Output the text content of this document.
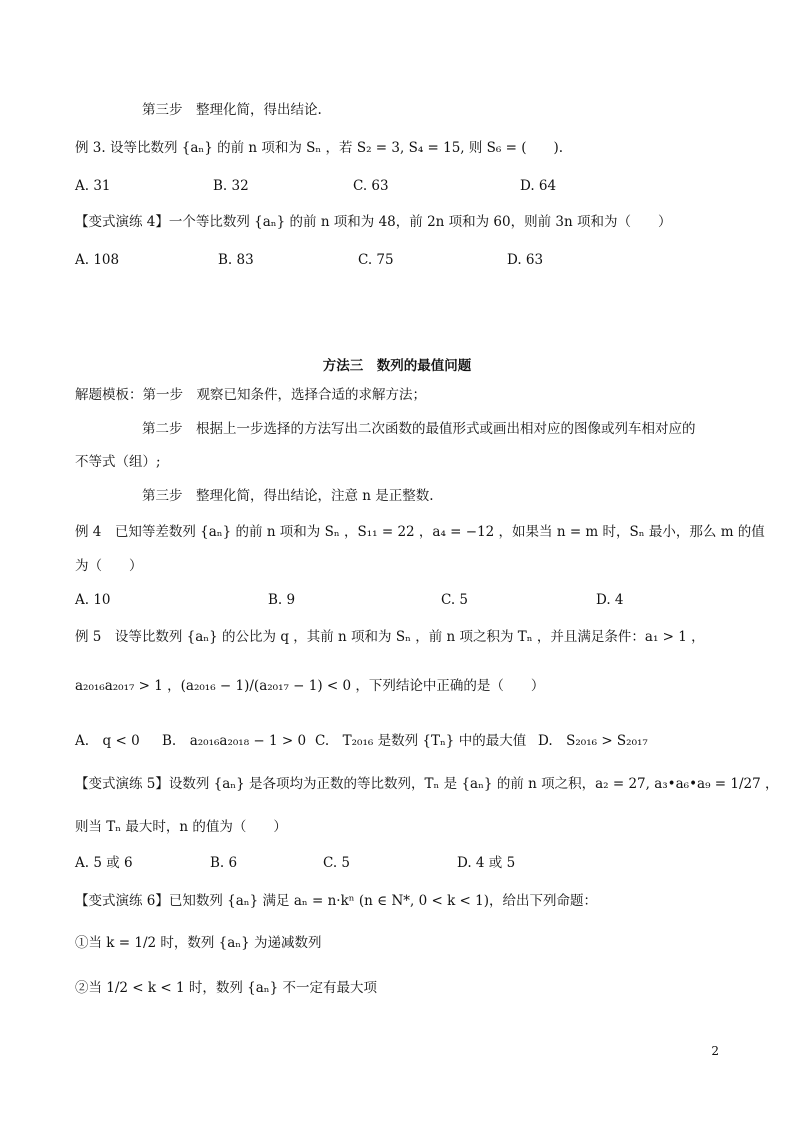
第三步　整理化简，得出结论.
例 3. 设等比数列 {aₙ} 的前 n 项和为 Sₙ ，若 S₂ = 3, S₄ = 15, 则 S₆ = (　　).
A. 31	B. 32	C. 63	D. 64
【变式演练 4】一个等比数列 {aₙ} 的前 n 项和为 48，前 2n 项和为 60，则前 3n 项和为（　　）
A. 108	B. 83	C. 75	D. 63
方法三　数列的最值问题
解题模板：第一步　观察已知条件，选择合适的求解方法；
第二步　根据上一步选择的方法写出二次函数的最值形式或画出相对应的图像或列车相对应的
不等式（组）;
第三步　整理化简，得出结论，注意 n 是正整数.
例 4　已知等差数列 {aₙ} 的前 n 项和为 Sₙ ，S₁₁ = 22 ，a₄ = −12 ，如果当 n = m 时，Sₙ 最小，那么 m 的值
为（　　）
A. 10	B. 9	C. 5	D. 4
例 5　设等比数列 {aₙ} 的公比为 q ，其前 n 项和为 Sₙ ，前 n 项之积为 Tₙ ，并且满足条件：a₁ > 1 ，
a₂₀₁₆a₂₀₁₇ > 1 ，(a₂₀₁₆ − 1)/(a₂₀₁₇ − 1) < 0 ，下列结论中正确的是（　　）
A.　q < 0 B.　a₂₀₁₆a₂₀₁₈ − 1 > 0 C.　T₂₀₁₆ 是数列 {Tₙ} 中的最大值 D.　S₂₀₁₆ > S₂₀₁₇
【变式演练 5】设数列 {aₙ} 是各项均为正数的等比数列，Tₙ 是 {aₙ} 的前 n 项之积，a₂ = 27, a₃•a₆•a₉ = 1/27 ，
则当 Tₙ 最大时，n 的值为（　　）
A. 5 或 6	B. 6	C. 5	D. 4 或 5
【变式演练 6】已知数列 {aₙ} 满足 aₙ = n·kⁿ (n ∈ N*, 0 < k < 1)，给出下列命题：
①当 k = 1/2 时，数列 {aₙ} 为递减数列
②当 1/2 < k < 1 时，数列 {aₙ} 不一定有最大项
2
